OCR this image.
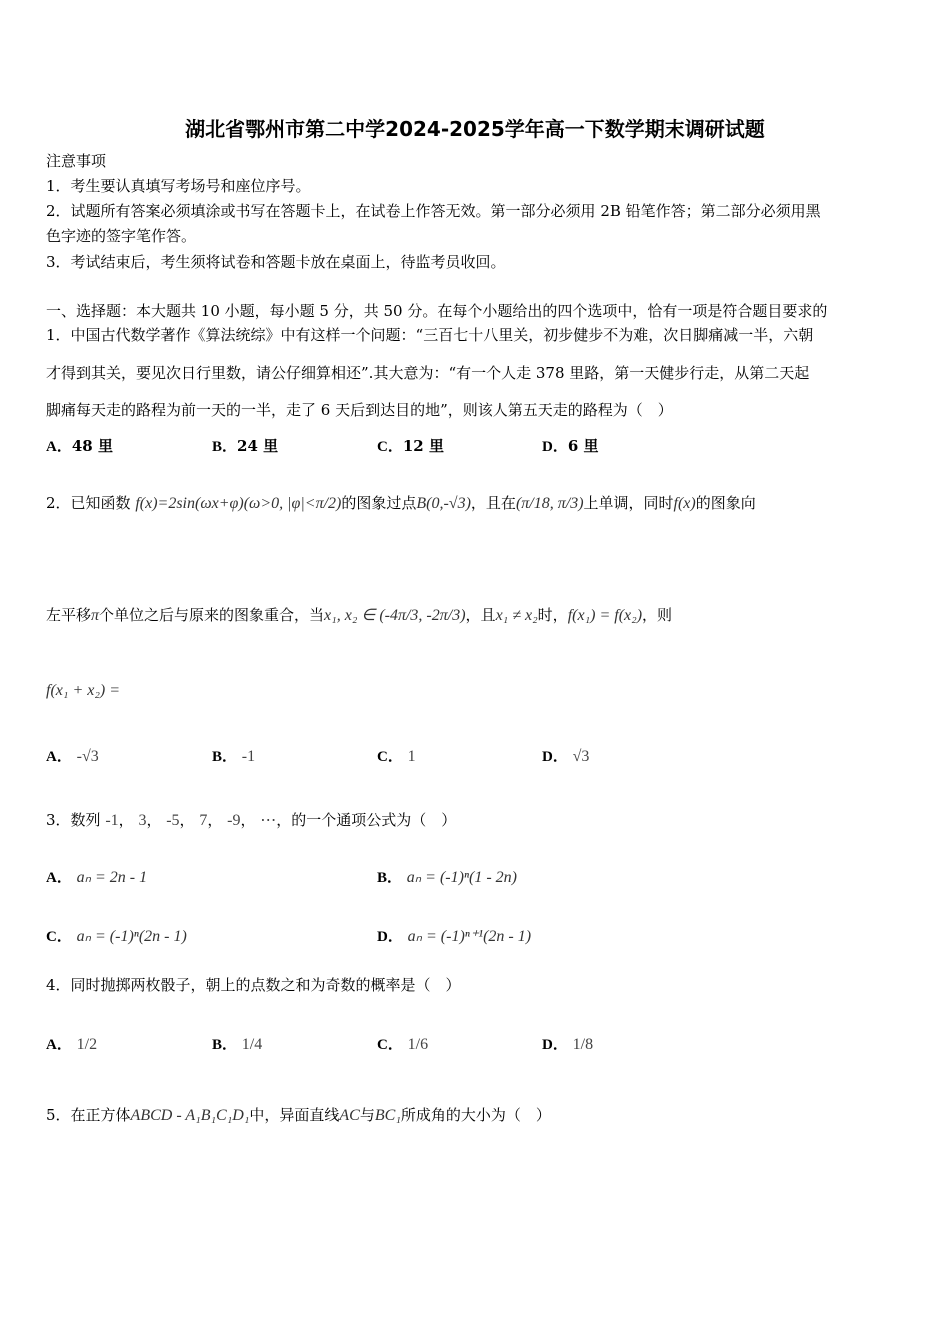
湖北省鄂州市第二中学2024-2025学年高一下数学期末调研试题
注意事项
1．考生要认真填写考场号和座位序号。
2．试题所有答案必须填涂或书写在答题卡上，在试卷上作答无效。第一部分必须用 2B 铅笔作答；第二部分必须用黑
色字迹的签字笔作答。
3．考试结束后，考生须将试卷和答题卡放在桌面上，待监考员收回。
一、选择题：本大题共 10 小题，每小题 5 分，共 50 分。在每个小题给出的四个选项中，恰有一项是符合题目要求的
1．中国古代数学著作《算法统综》中有这样一个问题：“三百七十八里关，初步健步不为难，次日脚痛减一半，六朝
才得到其关，要见次日行里数，请公仔细算相还”.其大意为：“有一个人走 378 里路，第一天健步行走，从第二天起
脚痛每天走的路程为前一天的一半，走了 6 天后到达目的地”，则该人第五天走的路程为（　）
A．48 里	B．24 里	C．12 里	D．6 里
2．已知函数 f(x)=2sin(ωx+φ)(ω>0, |φ|<π/2)的图象过点B(0,-√3)，且在(π/18, π/3)上单调，同时f(x)的图象向
左平移π个单位之后与原来的图象重合，当x₁, x₂ ∈ (-4π/3, -2π/3)，且x₁ ≠ x₂时，f(x₁) = f(x₂)，则
f(x₁ + x₂) =
A． -√3	B． -1	C． 1	D． √3
3．数列 -1， 3， -5， 7， -9， ⋯，的一个通项公式为（　）
A． aₙ = 2n - 1	B． aₙ = (-1)ⁿ(1 - 2n)
C． aₙ = (-1)ⁿ(2n - 1)	D． aₙ = (-1)ⁿ⁺¹(2n - 1)
4．同时抛掷两枚骰子，朝上的点数之和为奇数的概率是（　）
A． 1/2	B． 1/4	C． 1/6	D． 1/8
5．在正方体ABCD - A₁B₁C₁D₁中，异面直线AC与BC₁所成角的大小为（　）
